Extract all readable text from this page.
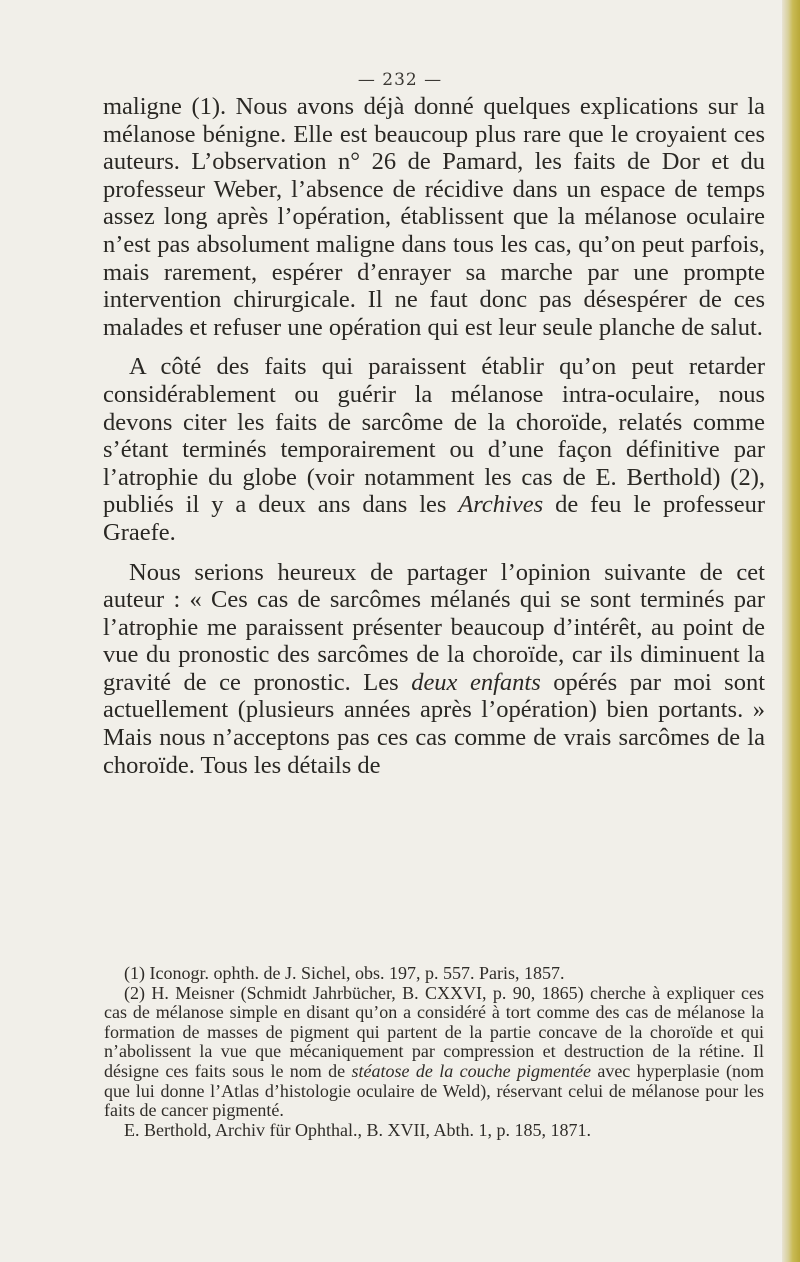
— 232 —

maligne (1). Nous avons déjà donné quelques explications sur la mélanose bénigne. Elle est beaucoup plus rare que le croyaient ces auteurs. L’observation n° 26 de Pamard, les faits de Dor et du professeur Weber, l’absence de récidive dans un espace de temps assez long après l’opération, établissent que la mélanose oculaire n’est pas absolument maligne dans tous les cas, qu’on peut parfois, mais rarement, espérer d’enrayer sa marche par une prompte intervention chirurgicale. Il ne faut donc pas désespérer de ces malades et refuser une opération qui est leur seule planche de salut.

A côté des faits qui paraissent établir qu’on peut retarder considérablement ou guérir la mélanose intra-oculaire, nous devons citer les faits de sarcôme de la choroïde, relatés comme s’étant terminés temporairement ou d’une façon définitive par l’atrophie du globe (voir notamment les cas de E. Berthold) (2), publiés il y a deux ans dans les Archives de feu le professeur Graefe.

Nous serions heureux de partager l’opinion suivante de cet auteur : « Ces cas de sarcômes mélanés qui se sont terminés par l’atrophie me paraissent présenter beaucoup d’intérêt, au point de vue du pronostic des sarcômes de la choroïde, car ils diminuent la gravité de ce pronostic. Les deux enfants opérés par moi sont actuellement (plusieurs années après l’opération) bien portants. » Mais nous n’acceptons pas ces cas comme de vrais sarcômes de la choroïde. Tous les détails de

(1) Iconogr. ophth. de J. Sichel, obs. 197, p. 557. Paris, 1857.

(2) H. Meisner (Schmidt Jahrbücher, B. CXXVI, p. 90, 1865) cherche à expliquer ces cas de mélanose simple en disant qu’on a considéré à tort comme des cas de mélanose la formation de masses de pigment qui partent de la partie concave de la choroïde et qui n’abolissent la vue que mécaniquement par compression et destruction de la rétine. Il désigne ces faits sous le nom de stéatose de la couche pigmentée avec hyperplasie (nom que lui donne l’Atlas d’histologie oculaire de Weld), réservant celui de mélanose pour les faits de cancer pigmenté.

E. Berthold, Archiv für Ophthal., B. XVII, Abth. 1, p. 185, 1871.
